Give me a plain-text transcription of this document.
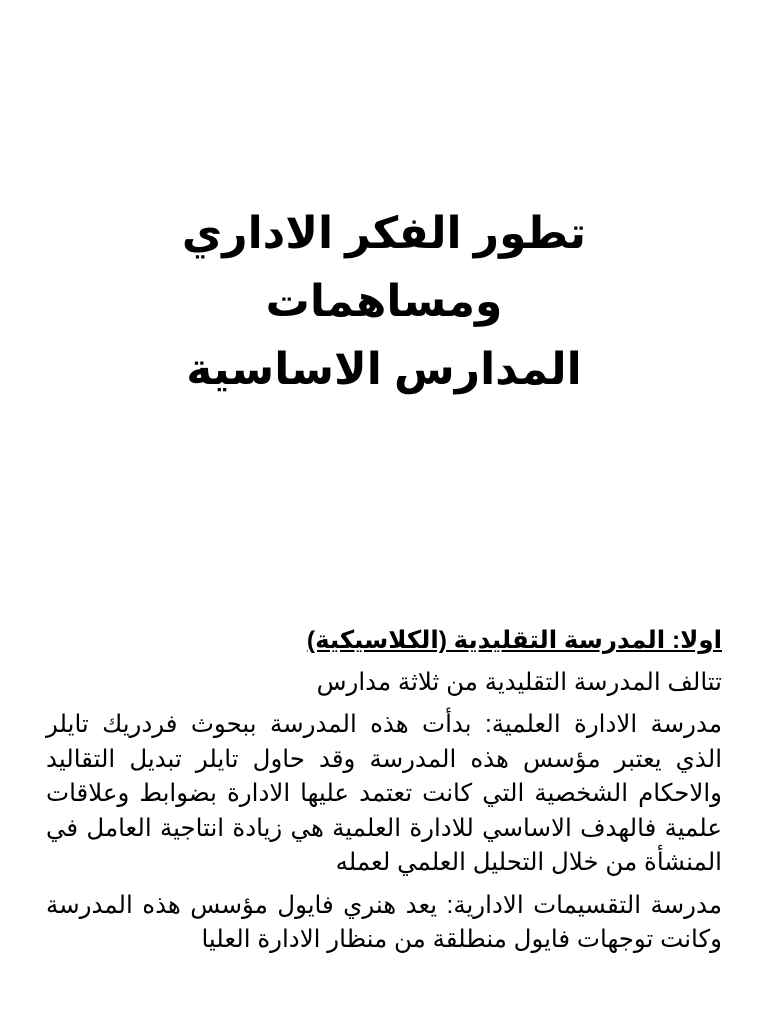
تطور الفكر الاداري ومساهمات
المدارس الاساسية

اولا: المدرسة التقليدية (الكلاسيكية)

تتالف المدرسة التقليدية من ثلاثة مدارس

مدرسة الادارة العلمية: بدأت هذه المدرسة ببحوث فردريك تايلر الذي يعتبر مؤسس هذه المدرسة وقد حاول تايلر تبديل التقاليد والاحكام الشخصية التي كانت تعتمد عليها الادارة بضوابط وعلاقات علمية فالهدف الاساسي للادارة العلمية هي زيادة انتاجية العامل في المنشأة من خلال التحليل العلمي لعمله

مدرسة التقسيمات الادارية: يعد هنري فايول مؤسس هذه المدرسة وكانت توجهات فايول منطلقة من منظار الادارة العليا
